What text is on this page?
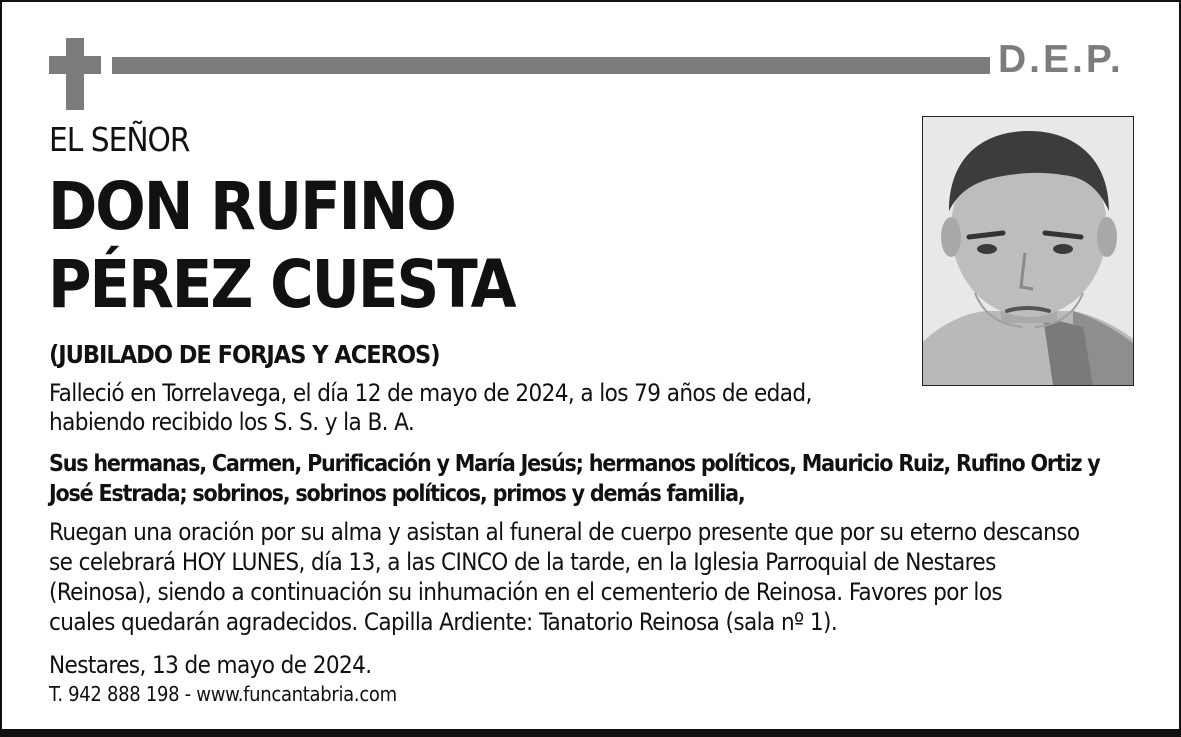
D.E.P.
EL SEÑOR
DON RUFINO
PÉREZ CUESTA
(JUBILADO DE FORJAS Y ACEROS)
Falleció en Torrelavega, el día 12 de mayo de 2024, a los 79 años de edad,
habiendo recibido los S. S. y la B. A.
Sus hermanas, Carmen, Purificación y María Jesús; hermanos políticos, Mauricio Ruiz, Rufino Ortiz y
José Estrada; sobrinos, sobrinos políticos, primos y demás familia,
Ruegan una oración por su alma y asistan al funeral de cuerpo presente que por su eterno descanso
se celebrará HOY LUNES, día 13, a las CINCO de la tarde, en la Iglesia Parroquial de Nestares
(Reinosa), siendo a continuación su inhumación en el cementerio de Reinosa. Favores por los
cuales quedarán agradecidos. Capilla Ardiente: Tanatorio Reinosa (sala nº 1).
Nestares, 13 de mayo de 2024.
T. 942 888 198 - www.funcantabria.com
